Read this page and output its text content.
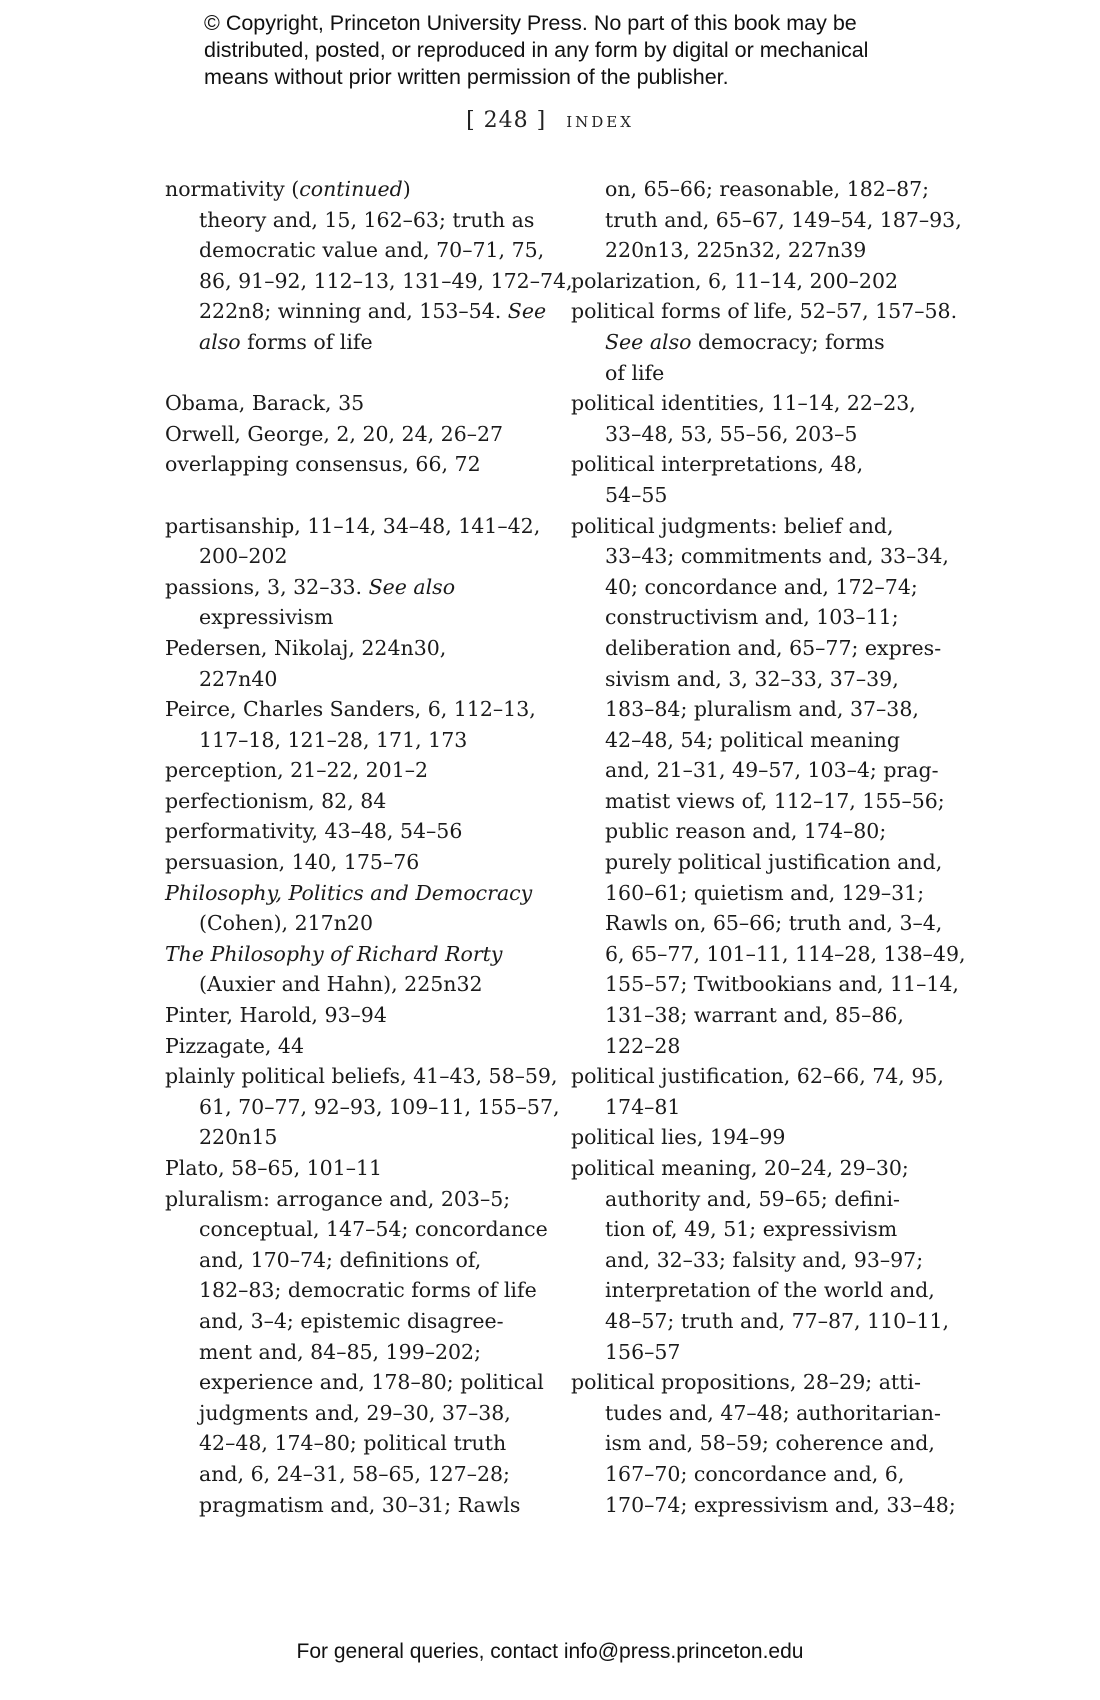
© Copyright, Princeton University Press. No part of this book may be
distributed, posted, or reproduced in any form by digital or mechanical
means without prior written permission of the publisher.
[ 248 ] index
normativity (continued)
theory and, 15, 162–63; truth as
democratic value and, 70–71, 75,
86, 91–92, 112–13, 131–49, 172–74,
222n8; winning and, 153–54. See
also forms of life
Obama, Barack, 35
Orwell, George, 2, 20, 24, 26–27
overlapping consensus, 66, 72
partisanship, 11–14, 34–48, 141–42,
200–202
passions, 3, 32–33. See also
expressivism
Pedersen, Nikolaj, 224n30,
227n40
Peirce, Charles Sanders, 6, 112–13,
117–18, 121–28, 171, 173
perception, 21–22, 201–2
perfectionism, 82, 84
performativity, 43–48, 54–56
persuasion, 140, 175–76
Philosophy, Politics and Democracy
(Cohen), 217n20
The Philosophy of Richard Rorty
(Auxier and Hahn), 225n32
Pinter, Harold, 93–94
Pizzagate, 44
plainly political beliefs, 41–43, 58–59,
61, 70–77, 92–93, 109–11, 155–57,
220n15
Plato, 58–65, 101–11
pluralism: arrogance and, 203–5;
conceptual, 147–54; concordance
and, 170–74; definitions of,
182–83; democratic forms of life
and, 3–4; epistemic disagree-
ment and, 84–85, 199–202;
experience and, 178–80; political
judgments and, 29–30, 37–38,
42–48, 174–80; political truth
and, 6, 24–31, 58–65, 127–28;
pragmatism and, 30–31; Rawls
on, 65–66; reasonable, 182–87;
truth and, 65–67, 149–54, 187–93,
220n13, 225n32, 227n39
polarization, 6, 11–14, 200–202
political forms of life, 52–57, 157–58.
See also democracy; forms
of life
political identities, 11–14, 22–23,
33–48, 53, 55–56, 203–5
political interpretations, 48,
54–55
political judgments: belief and,
33–43; commitments and, 33–34,
40; concordance and, 172–74;
constructivism and, 103–11;
deliberation and, 65–77; expres-
sivism and, 3, 32–33, 37–39,
183–84; pluralism and, 37–38,
42–48, 54; political meaning
and, 21–31, 49–57, 103–4; prag-
matist views of, 112–17, 155–56;
public reason and, 174–80;
purely political justification and,
160–61; quietism and, 129–31;
Rawls on, 65–66; truth and, 3–4,
6, 65–77, 101–11, 114–28, 138–49,
155–57; Twitbookians and, 11–14,
131–38; warrant and, 85–86,
122–28
political justification, 62–66, 74, 95,
174–81
political lies, 194–99
political meaning, 20–24, 29–30;
authority and, 59–65; defini-
tion of, 49, 51; expressivism
and, 32–33; falsity and, 93–97;
interpretation of the world and,
48–57; truth and, 77–87, 110–11,
156–57
political propositions, 28–29; atti-
tudes and, 47–48; authoritarian-
ism and, 58–59; coherence and,
167–70; concordance and, 6,
170–74; expressivism and, 33–48;
For general queries, contact info@press.princeton.edu
